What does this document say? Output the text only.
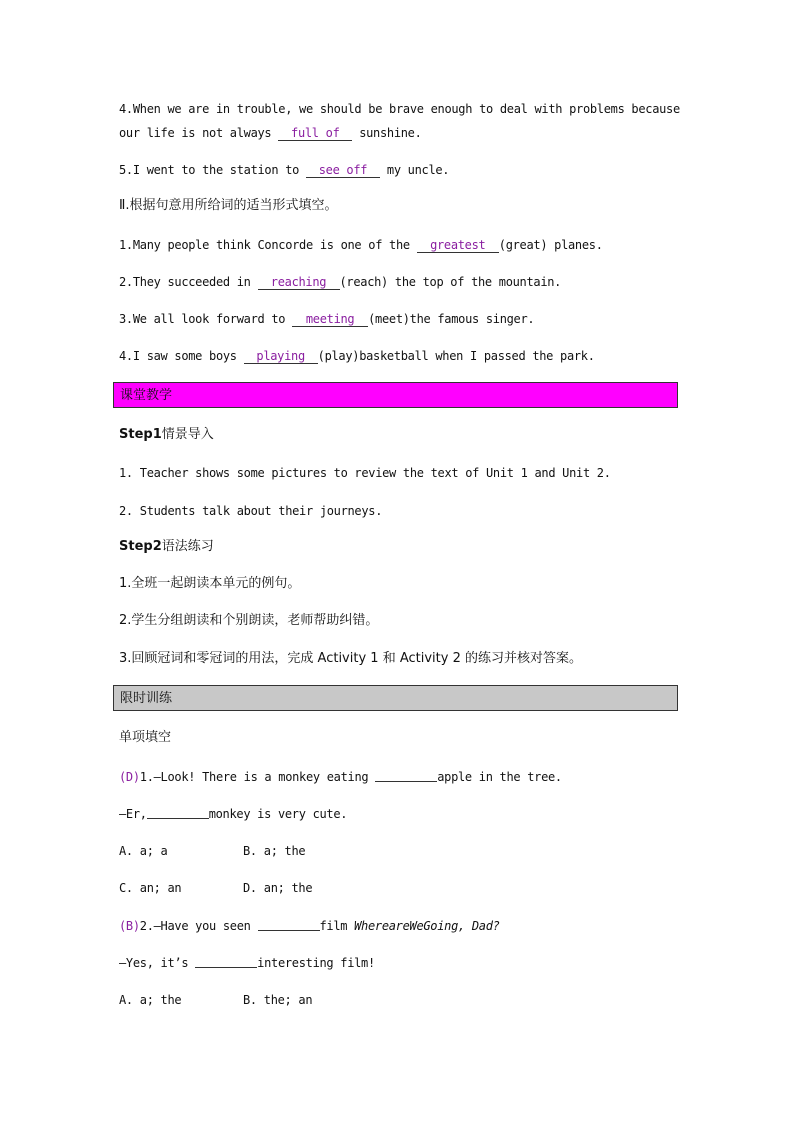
4.When we are in trouble, we should be brave enough to deal with problems because

our life is not always full of sunshine.

5.I went to the station to see off my uncle.

Ⅱ.根据句意用所给词的适当形式填空。

1.Many people think Concorde is one of the greatest (great) planes.

2.They succeeded in reaching (reach) the top of the mountain.

3.We all look forward to meeting (meet)the famous singer.

4.I saw some boys playing (play)basketball when I passed the park.

课堂教学

Step1情景导入

1. Teacher shows some pictures to review the text of Unit 1 and Unit 2.

2. Students talk about their journeys.

Step2语法练习

1.全班一起朗读本单元的例句。

2.学生分组朗读和个别朗读，老师帮助纠错。

3.回顾冠词和零冠词的用法，完成 Activity 1 和 Activity 2 的练习并核对答案。

限时训练

单项填空

(D)1.—Look! There is a monkey eating	apple in the tree.

—Er,	monkey is very cute.

A. a; a	B. a; the

C. an; an	D. an; the

(B)2.—Have you seen	film WhereareWeGoing, Dad?

—Yes, it’s	interesting film!

A. a; the	B. the; an
